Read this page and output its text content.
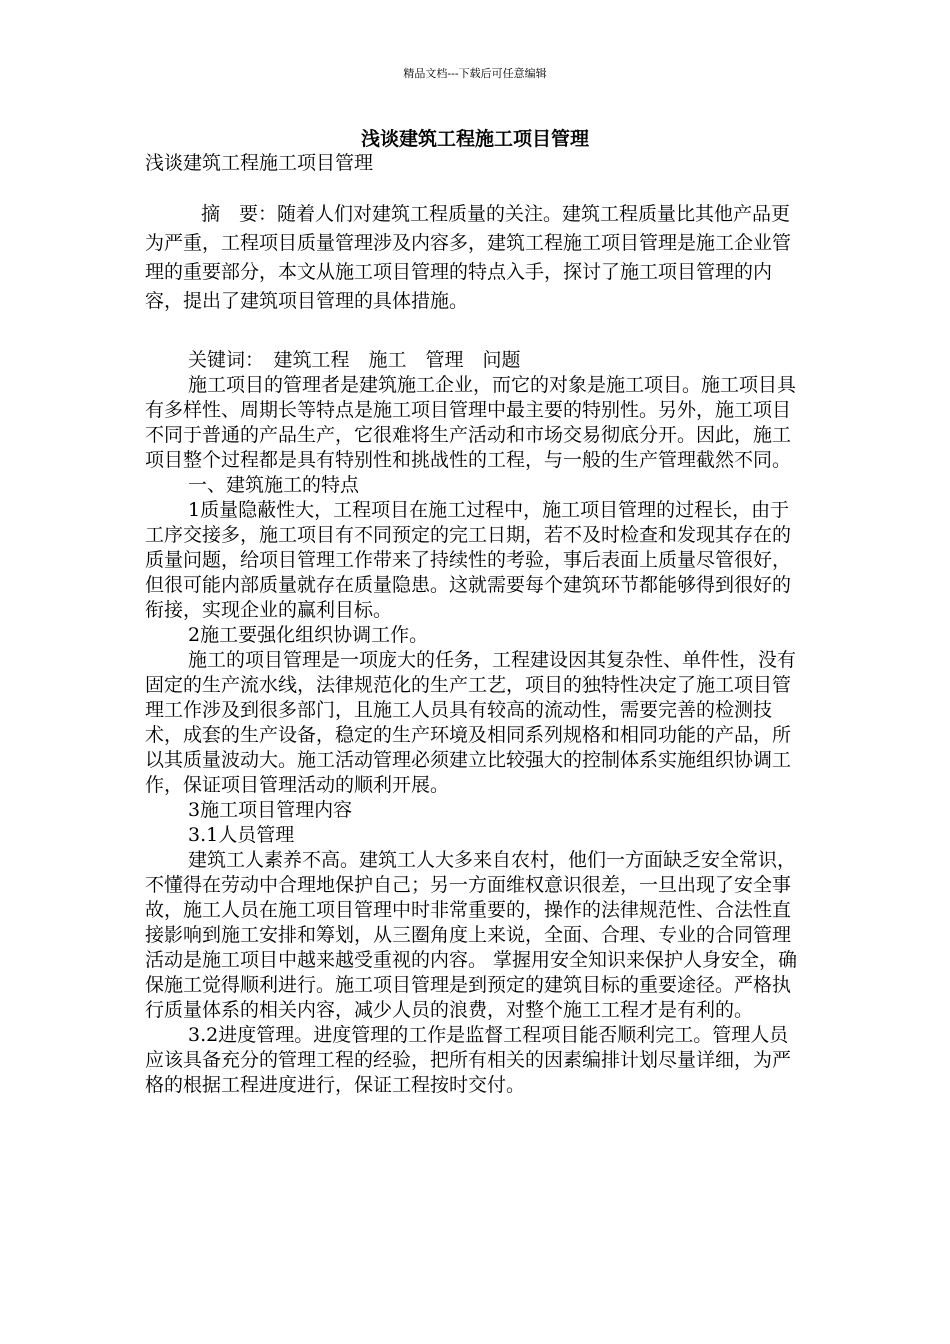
精品文档---下载后可任意编辑
浅谈建筑工程施工项目管理
浅谈建筑工程施工项目管理

摘　要：随着人们对建筑工程质量的关注。建筑工程质量比其他产品更为严重，工程项目质量管理涉及内容多，建筑工程施工项目管理是施工企业管理的重要部分，本文从施工项目管理的特点入手，探讨了施工项目管理的内容，提出了建筑项目管理的具体措施。

关键词：　建筑工程　施工　管理　问题

施工项目的管理者是建筑施工企业，而它的对象是施工项目。施工项目具有多样性、周期长等特点是施工项目管理中最主要的特别性。另外，施工项目不同于普通的产品生产，它很难将生产活动和市场交易彻底分开。因此，施工项目整个过程都是具有特别性和挑战性的工程，与一般的生产管理截然不同。

一、建筑施工的特点

1质量隐蔽性大，工程项目在施工过程中，施工项目管理的过程长，由于工序交接多，施工项目有不同预定的完工日期，若不及时检查和发现其存在的质量问题，给项目管理工作带来了持续性的考验，事后表面上质量尽管很好，但很可能内部质量就存在质量隐患。这就需要每个建筑环节都能够得到很好的衔接，实现企业的赢利目标。

2施工要强化组织协调工作。

施工的项目管理是一项庞大的任务，工程建设因其复杂性、单件性，没有固定的生产流水线，法律规范化的生产工艺，项目的独特性决定了施工项目管理工作涉及到很多部门，且施工人员具有较高的流动性，需要完善的检测技术，成套的生产设备，稳定的生产环境及相同系列规格和相同功能的产品，所以其质量波动大。施工活动管理必须建立比较强大的控制体系实施组织协调工作，保证项目管理活动的顺利开展。

3施工项目管理内容

3.1人员管理

建筑工人素养不高。建筑工人大多来自农村，他们一方面缺乏安全常识，不懂得在劳动中合理地保护自己；另一方面维权意识很差，一旦出现了安全事故，施工人员在施工项目管理中时非常重要的，操作的法律规范性、合法性直接影响到施工安排和筹划，从三圈角度上来说，全面、合理、专业的合同管理活动是施工项目中越来越受重视的内容。 掌握用安全知识来保护人身安全，确保施工觉得顺利进行。施工项目管理是到预定的建筑目标的重要途径。严格执行质量体系的相关内容，减少人员的浪费，对整个施工工程才是有利的。

3.2进度管理。进度管理的工作是监督工程项目能否顺利完工。管理人员应该具备充分的管理工程的经验，把所有相关的因素编排计划尽量详细，为严格的根据工程进度进行，保证工程按时交付。
